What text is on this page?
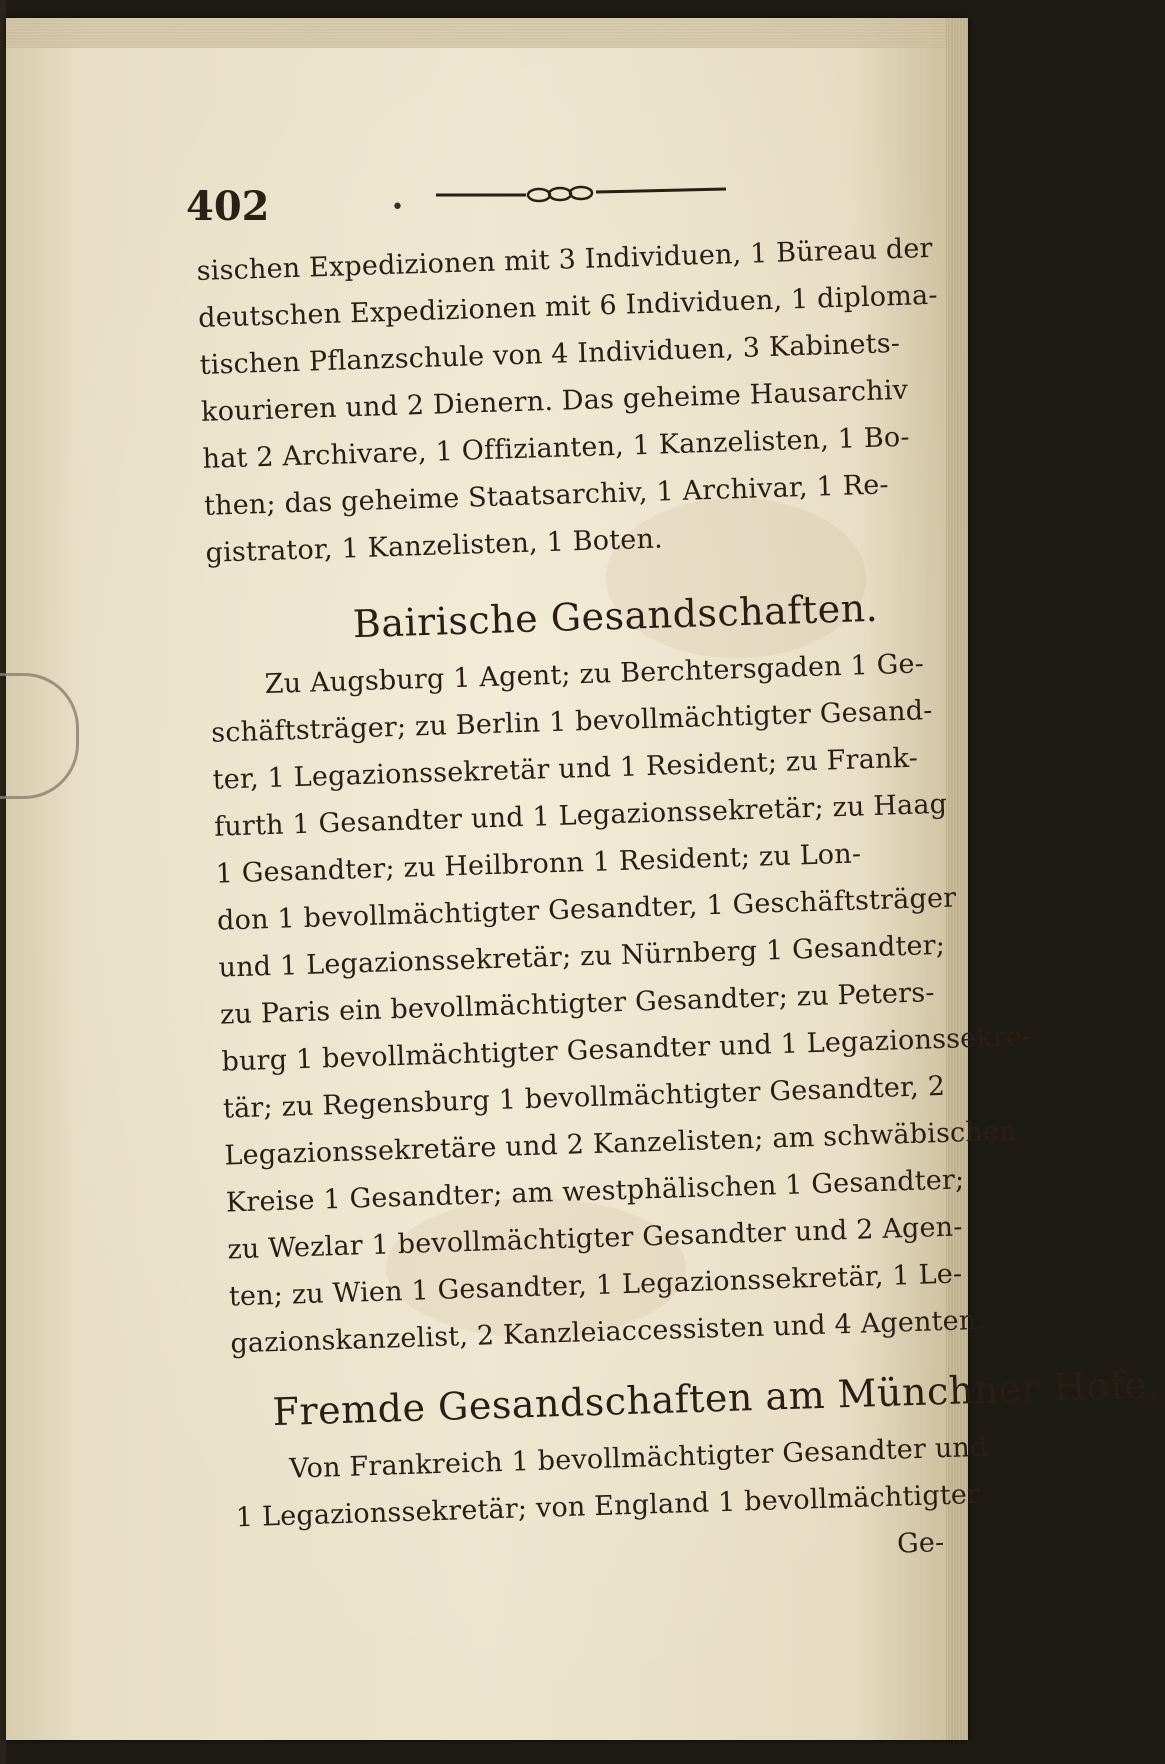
402	•
sischen Expedizionen mit 3 Individuen, 1 Büreau der
deutschen Expedizionen mit 6 Individuen, 1 diploma-
tischen Pflanzschule von 4 Individuen, 3 Kabinets-
kourieren und 2 Dienern. Das geheime Hausarchiv
hat 2 Archivare, 1 Offizianten, 1 Kanzelisten, 1 Bo-
then; das geheime Staatsarchiv, 1 Archivar, 1 Re-
gistrator, 1 Kanzelisten, 1 Boten.
Bairische Gesandschaften.
Zu Augsburg 1 Agent; zu Berchtersgaden 1 Ge-
schäftsträger; zu Berlin 1 bevollmächtigter Gesand-
ter, 1 Legazionssekretär und 1 Resident; zu Frank-
furth 1 Gesandter und 1 Legazionssekretär; zu Haag
1 Gesandter; zu Heilbronn 1 Resident; zu Lon-
don 1 bevollmächtigter Gesandter, 1 Geschäftsträger
und 1 Legazionssekretär; zu Nürnberg 1 Gesandter;
zu Paris ein bevollmächtigter Gesandter; zu Peters-
burg 1 bevollmächtigter Gesandter und 1 Legazionssekre-
tär; zu Regensburg 1 bevollmächtigter Gesandter, 2
Legazionssekretäre und 2 Kanzelisten; am schwäbischen
Kreise 1 Gesandter; am westphälischen 1 Gesandter;
zu Wezlar 1 bevollmächtigter Gesandter und 2 Agen-
ten; zu Wien 1 Gesandter, 1 Legazionssekretär, 1 Le-
gazionskanzelist, 2 Kanzleiaccessisten und 4 Agenten.
Fremde Gesandschaften am Münchner Hofe.
Von Frankreich 1 bevollmächtigter Gesandter und
1 Legazionssekretär; von England 1 bevollmächtigter
Ge-
